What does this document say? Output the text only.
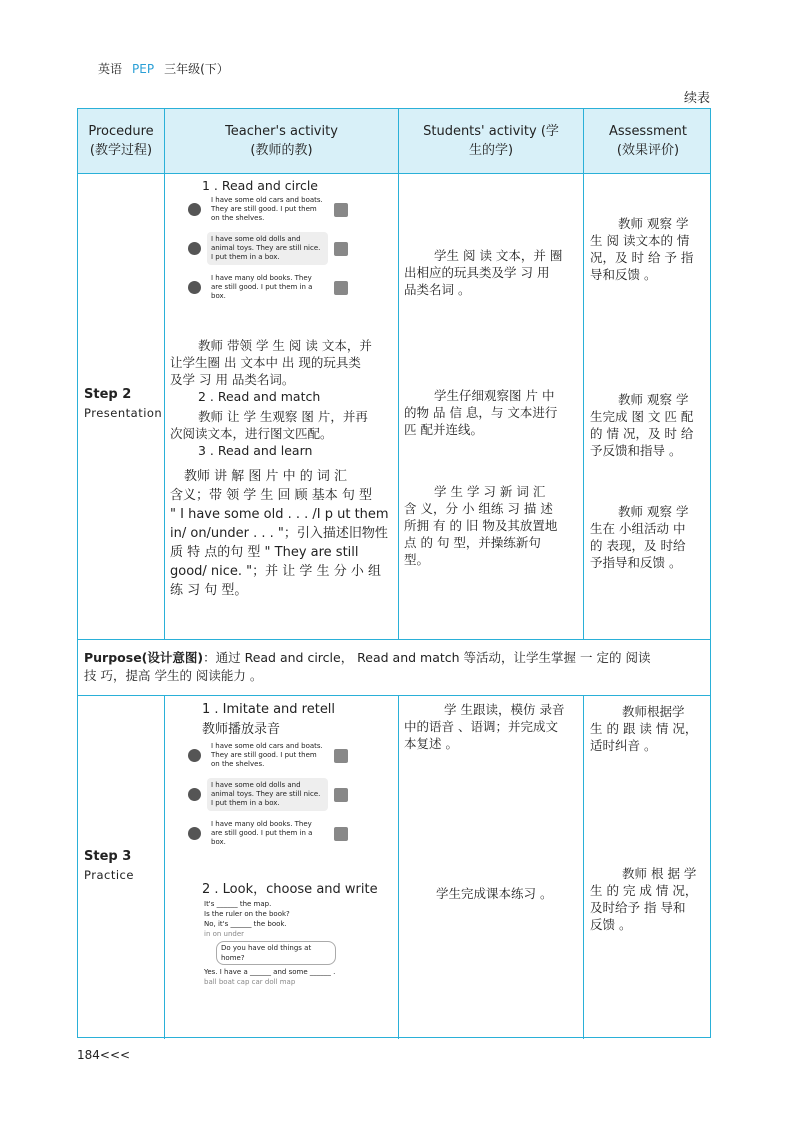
英语 PEP 三年级(下）
续表
Procedure
(教学过程)
Teacher's activity
(教师的教)
Students' activity (学
生的学)
Assessment
(效果评价)
Step 2
Presentation
1 . Read and circle
I have some old cars and boats. They are still good. I put them on the shelves.
I have some old dolls and animal toys. They are still nice. I put them in a box.
I have many old books. They are still good. I put them in a box.
教师 带领 学 生 阅 读 文本，并
让学生圈 出 文本中 出 现的玩具类
及学 习 用 品类名词。
2 . Read and match
教师 让 学 生观察 图 片，并再
次阅读文本，进行图文匹配。
3 . Read and learn
教师 讲 解 图 片 中 的 词 汇
含义；带 领 学 生 回 顾 基本 句 型
" I have some old . . . /I p ut them
in/ on/under . . . "；引入描述旧物性
质 特 点的句 型 " They are still
good/ nice. "；并 让 学 生 分 小 组
练 习 句 型。
学生 阅 读 文本，并 圈
出相应的玩具类及学 习 用
品类名词 。
学生仔细观察图 片 中
的物 品 信 息，与 文本进行
匹 配并连线。
学 生 学 习 新 词 汇
含 义，分 小 组练 习 描 述
所拥 有 的 旧 物及其放置地
点 的 句 型，并操练新句
型。
教师 观察 学
生 阅 读文本的 情
况，及 时 给 予 指
导和反馈 。
教师 观察 学
生完成 图 文 匹 配
的 情 况，及 时 给
予反馈和指导 。
教师 观察 学
生在 小组活动 中
的 表现，及 时给
予指导和反馈 。
Purpose(设计意图)：通过 Read and circle， Read and match 等活动，让学生掌握 一 定的 阅读
技 巧，提高 学生的 阅读能力 。
Step 3
Practice
1 . Imitate and retell
教师播放录音
I have some old cars and boats. They are still good. I put them on the shelves.
I have some old dolls and animal toys. They are still nice. I put them in a box.
I have many old books. They are still good. I put them in a box.
2 . Look，choose and write
It's ______ the map.
Is the ruler on the book?
No, it's ______ the book.
in on under
Do you have old things at home?
Yes. I have a ______ and some ______ .
ball boat cap car doll map
学 生跟读，模仿 录音
中的语音 、语调；并完成文
本复述 。
学生完成课本练习 。
教师根据学
生 的 跟 读 情 况，
适时纠音 。
教师 根 据 学
生 的 完 成 情 况，
及时给予 指 导和
反馈 。
184<<<
